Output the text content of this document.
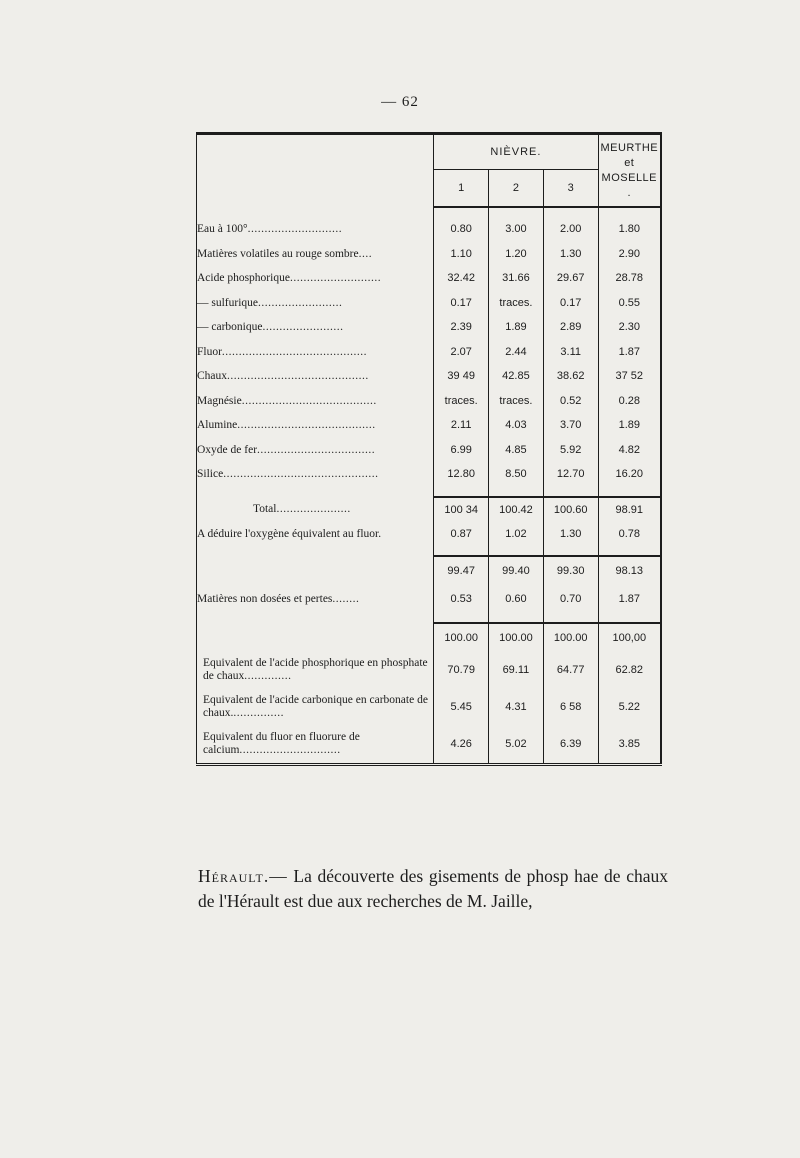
— 62
	NIÈVRE.			MEURTHE
et
MOSELLE .
	1	2	3	

Eau à 100°............................	0.80	3.00	2.00	1.80
Matières volatiles au rouge sombre....	1.10	1.20	1.30	2.90
Acide phosphorique...........................	32.42	31.66	29.67	28.78
— sulfurique.........................	0.17	traces.	0.17	0.55
— carbonique........................	2.39	1.89	2.89	2.30
Fluor...........................................	2.07	2.44	3.11	1.87
Chaux..........................................	39 49	42.85	38.62	37 52
Magnésie........................................	traces.	traces.	0.52	0.28
Alumine.........................................	2.11	4.03	3.70	1.89
Oxyde de fer...................................	6.99	4.85	5.92	4.82
Silice..............................................	12.80	8.50	12.70	16.20

Total......................	100 34	100.42	100.60	98.91
A déduire l'oxygène équivalent au fluor.	0.87	1.02	1.30	0.78

	99.47	99.40	99.30	98.13
Matières non dosées et pertes........	0.53	0.60	0.70	1.87

	100.00	100.00	100.00	100,00
Equivalent de l'acide phosphorique en phosphate de chaux..............	70.79	69.11	64.77	62.82
Equivalent de l'acide carbonique en carbonate de chaux................	5.45	4.31	6 58	5.22
Equivalent du fluor en fluorure de calcium..............................	4.26	5.02	6.39	3.85

Hérault.— La découverte des gisements de phosp hae de chaux de l'Hérault est due aux recherches de M. Jaille,
